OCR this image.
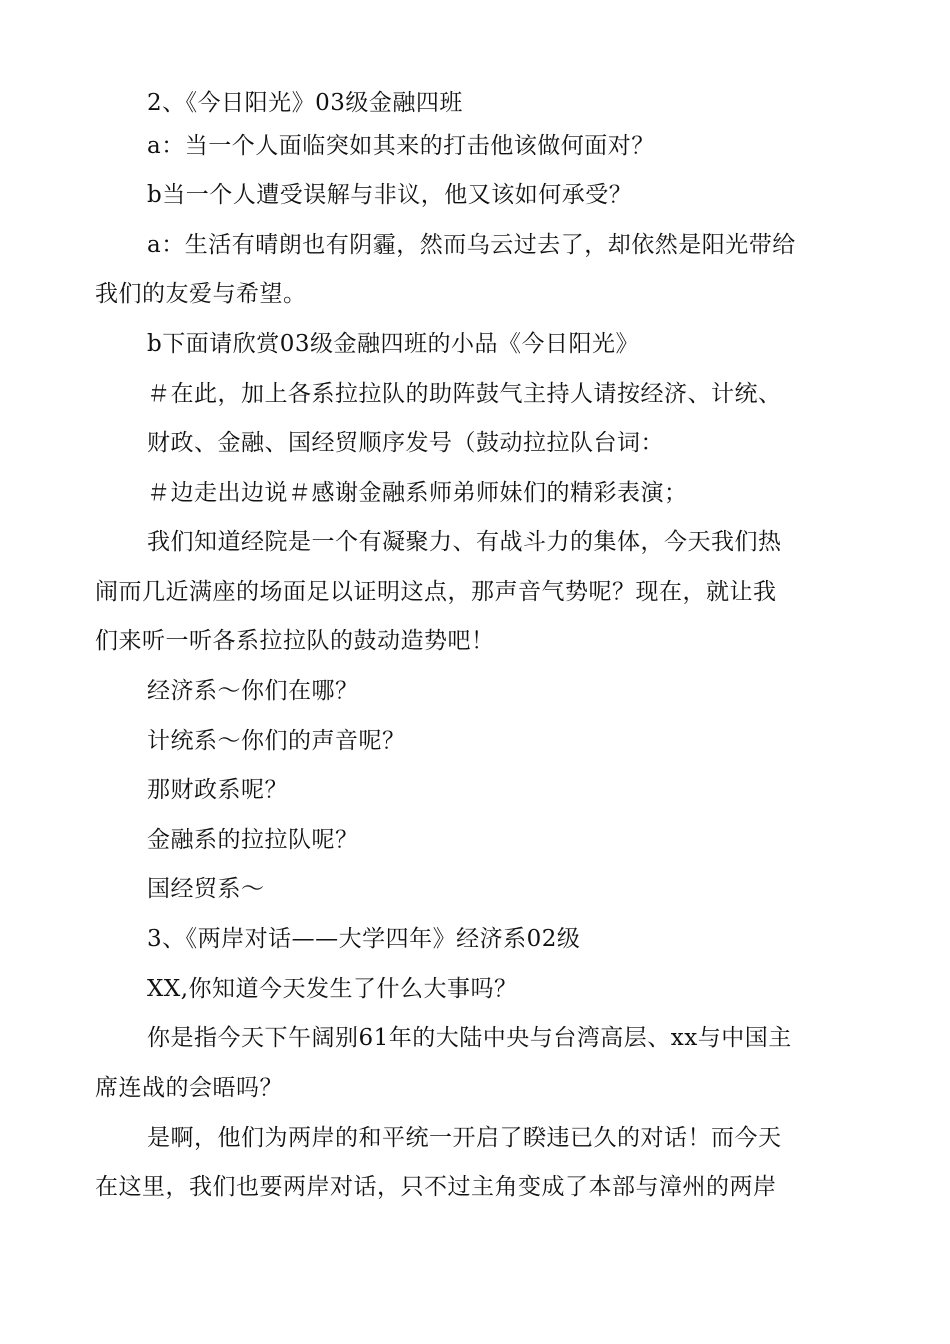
2、《今日阳光》03级金融四班
a：当一个人面临突如其来的打击他该做何面对？
b当一个人遭受误解与非议，他又该如何承受？
a：生活有晴朗也有阴霾，然而乌云过去了，却依然是阳光带给
我们的友爱与希望。
b下面请欣赏03级金融四班的小品《今日阳光》
＃在此，加上各系拉拉队的助阵鼓气主持人请按经济、计统、
财政、金融、国经贸顺序发号（鼓动拉拉队台词：
＃边走出边说＃感谢金融系师弟师妹们的精彩表演；
我们知道经院是一个有凝聚力、有战斗力的集体，今天我们热
闹而几近满座的场面足以证明这点，那声音气势呢？现在，就让我
们来听一听各系拉拉队的鼓动造势吧！
经济系～你们在哪？
计统系～你们的声音呢？
那财政系呢？
金融系的拉拉队呢？
国经贸系～
3、《两岸对话——大学四年》经济系02级
XX,你知道今天发生了什么大事吗？
你是指今天下午阔别61年的大陆中央与台湾高层、xx与中国主
席连战的会晤吗？
是啊，他们为两岸的和平统一开启了睽违已久的对话！而今天
在这里，我们也要两岸对话，只不过主角变成了本部与漳州的两岸
